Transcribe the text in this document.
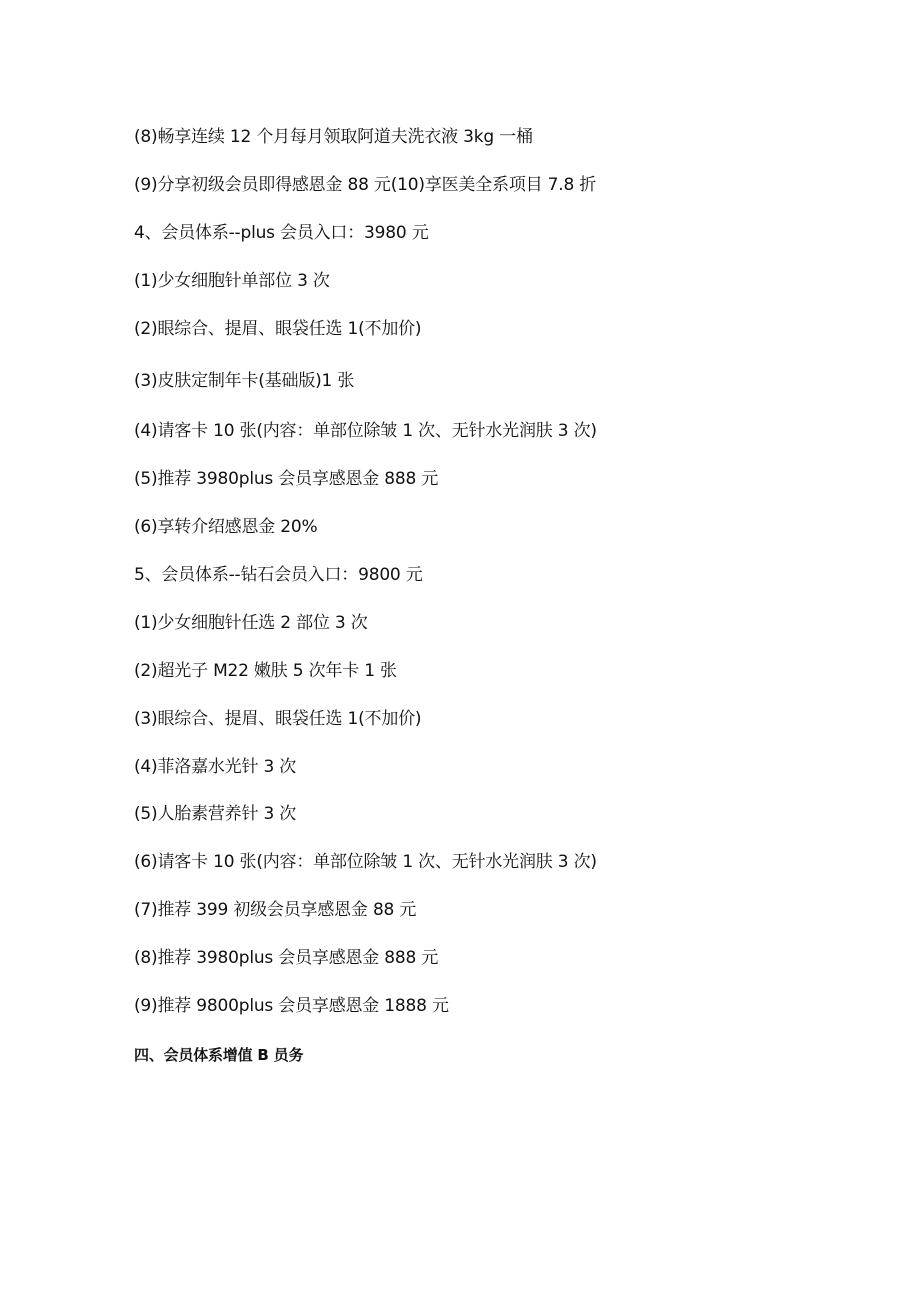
(8)畅享连续 12 个月每月领取阿道夫洗衣液 3kg 一桶
(9)分享初级会员即得感恩金 88 元(10)享医美全系项目 7.8 折
4、会员体系--plus 会员入口：3980 元
(1)少女细胞针单部位 3 次
(2)眼综合、提眉、眼袋任选 1(不加价)
(3)皮肤定制年卡(基础版)1 张
(4)请客卡 10 张(内容：单部位除皱 1 次、无针水光润肤 3 次)
(5)推荐 3980plus 会员享感恩金 888 元
(6)享转介绍感恩金 20%
5、会员体系--钻石会员入口：9800 元
(1)少女细胞针任选 2 部位 3 次
(2)超光子 M22 嫩肤 5 次年卡 1 张
(3)眼综合、提眉、眼袋任选 1(不加价)
(4)菲洛嘉水光针 3 次
(5)人胎素营养针 3 次
(6)请客卡 10 张(内容：单部位除皱 1 次、无针水光润肤 3 次)
(7)推荐 399 初级会员享感恩金 88 元
(8)推荐 3980plus 会员享感恩金 888 元
(9)推荐 9800plus 会员享感恩金 1888 元
四、会员体系增值 B 员务
